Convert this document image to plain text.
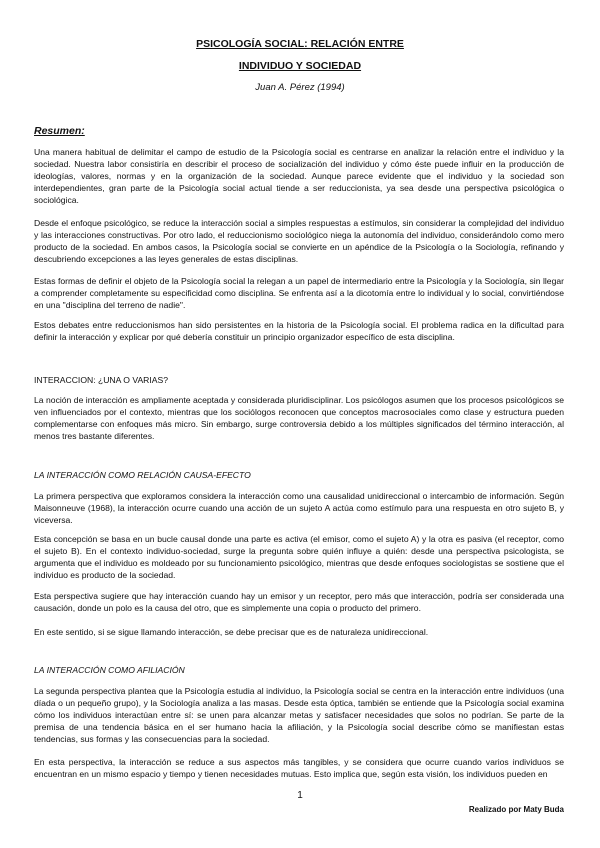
PSICOLOGÍA SOCIAL: RELACIÓN ENTRE

INDIVIDUO Y SOCIEDAD

Juan A. Pérez (1994)

Resumen:

Una manera habitual de delimitar el campo de estudio de la Psicología social es centrarse en analizar la relación entre el individuo y la sociedad. Nuestra labor consistiría en describir el proceso de socialización del individuo y cómo éste puede influir en la producción de ideologías, valores, normas y en la organización de la sociedad. Aunque parece evidente que el individuo y la sociedad son interdependientes, gran parte de la Psicología social actual tiende a ser reduccionista, ya sea desde una perspectiva psicológica o sociológica.

Desde el enfoque psicológico, se reduce la interacción social a simples respuestas a estímulos, sin considerar la complejidad del individuo y las interacciones constructivas. Por otro lado, el reduccionismo sociológico niega la autonomía del individuo, considerándolo como mero producto de la sociedad. En ambos casos, la Psicología social se convierte en un apéndice de la Psicología o la Sociología, refinando y descubriendo excepciones a las leyes generales de estas disciplinas.

Estas formas de definir el objeto de la Psicología social la relegan a un papel de intermediario entre la Psicología y la Sociología, sin llegar a comprender completamente su especificidad como disciplina. Se enfrenta así a la dicotomía entre lo individual y lo social, convirtiéndose en una "disciplina del terreno de nadie".

Estos debates entre reduccionismos han sido persistentes en la historia de la Psicología social. El problema radica en la dificultad para definir la interacción y explicar por qué debería constituir un principio organizador específico de esta disciplina.

INTERACCION: ¿UNA O VARIAS?

La noción de interacción es ampliamente aceptada y considerada pluridisciplinar. Los psicólogos asumen que los procesos psicológicos se ven influenciados por el contexto, mientras que los sociólogos reconocen que conceptos macrosociales como clase y estructura pueden complementarse con enfoques más micro. Sin embargo, surge controversia debido a los múltiples significados del término interacción, al menos tres bastante diferentes.

LA INTERACCIÓN COMO RELACIÓN CAUSA-EFECTO

La primera perspectiva que exploramos considera la interacción como una causalidad unidireccional o intercambio de información. Según Maisonneuve (1968), la interacción ocurre cuando una acción de un sujeto A actúa como estímulo para una respuesta en otro sujeto B, y viceversa.

Esta concepción se basa en un bucle causal donde una parte es activa (el emisor, como el sujeto A) y la otra es pasiva (el receptor, como el sujeto B). En el contexto individuo-sociedad, surge la pregunta sobre quién influye a quién: desde una perspectiva psicologista, se argumenta que el individuo es moldeado por su funcionamiento psicológico, mientras que desde enfoques sociologistas se sostiene que el individuo es producto de la sociedad.

Esta perspectiva sugiere que hay interacción cuando hay un emisor y un receptor, pero más que interacción, podría ser considerada una causación, donde un polo es la causa del otro, que es simplemente una copia o producto del primero.

En este sentido, si se sigue llamando interacción, se debe precisar que es de naturaleza unidireccional.

LA INTERACCIÓN COMO AFILIACIÓN

La segunda perspectiva plantea que la Psicología estudia al individuo, la Psicología social se centra en la interacción entre individuos (una díada o un pequeño grupo), y la Sociología analiza a las masas. Desde esta óptica, también se entiende que la Psicología social examina cómo los individuos interactúan entre sí: se unen para alcanzar metas y satisfacer necesidades que solos no podrían. Se parte de la premisa de una tendencia básica en el ser humano hacia la afiliación, y la Psicología social describe cómo se manifiestan estas tendencias, sus formas y las consecuencias para la sociedad.

En esta perspectiva, la interacción se reduce a sus aspectos más tangibles, y se considera que ocurre cuando varios individuos se encuentran en un mismo espacio y tiempo y tienen necesidades mutuas. Esto implica que, según esta visión, los individuos pueden en

1

Realizado por Maty Buda
